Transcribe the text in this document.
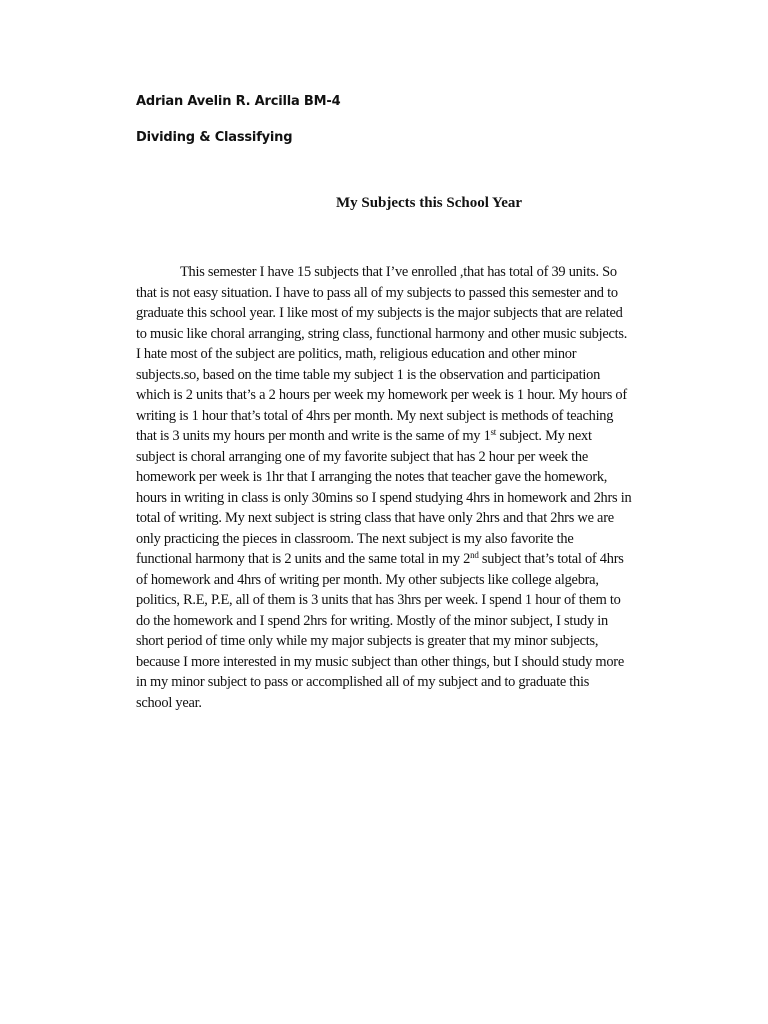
Adrian Avelin R. Arcilla BM-4
Dividing & Classifying
My Subjects this School Year
This semester I have 15 subjects that I’ve enrolled ,that has total of 39 units. So
that is not easy situation. I have to pass all of my subjects to passed this semester and to
graduate this school year. I like most of my subjects is the major subjects that are related
to music like choral arranging, string class, functional harmony and other music subjects.
I hate most of the subject are politics, math, religious education and other minor
subjects.so, based on the time table my subject 1 is the observation and participation
which is 2 units that’s a 2 hours per week my homework per week is 1 hour. My hours of
writing is 1 hour that’s total of 4hrs per month. My next subject is methods of teaching
that is 3 units my hours per month and write is the same of my 1st subject. My next
subject is choral arranging one of my favorite subject that has 2 hour per week the
homework per week is 1hr that I arranging the notes that teacher gave the homework,
hours in writing in class is only 30mins so I spend studying 4hrs in homework and 2hrs in
total of writing. My next subject is string class that have only 2hrs and that 2hrs we are
only practicing the pieces in classroom. The next subject is my also favorite the
functional harmony that is 2 units and the same total in my 2nd subject that’s total of 4hrs
of homework and 4hrs of writing per month. My other subjects like college algebra,
politics, R.E, P.E, all of them is 3 units that has 3hrs per week. I spend 1 hour of them to
do the homework and I spend 2hrs for writing. Mostly of the minor subject, I study in
short period of time only while my major subjects is greater that my minor subjects,
because I more interested in my music subject than other things, but I should study more
in my minor subject to pass or accomplished all of my subject and to graduate this
school year.
